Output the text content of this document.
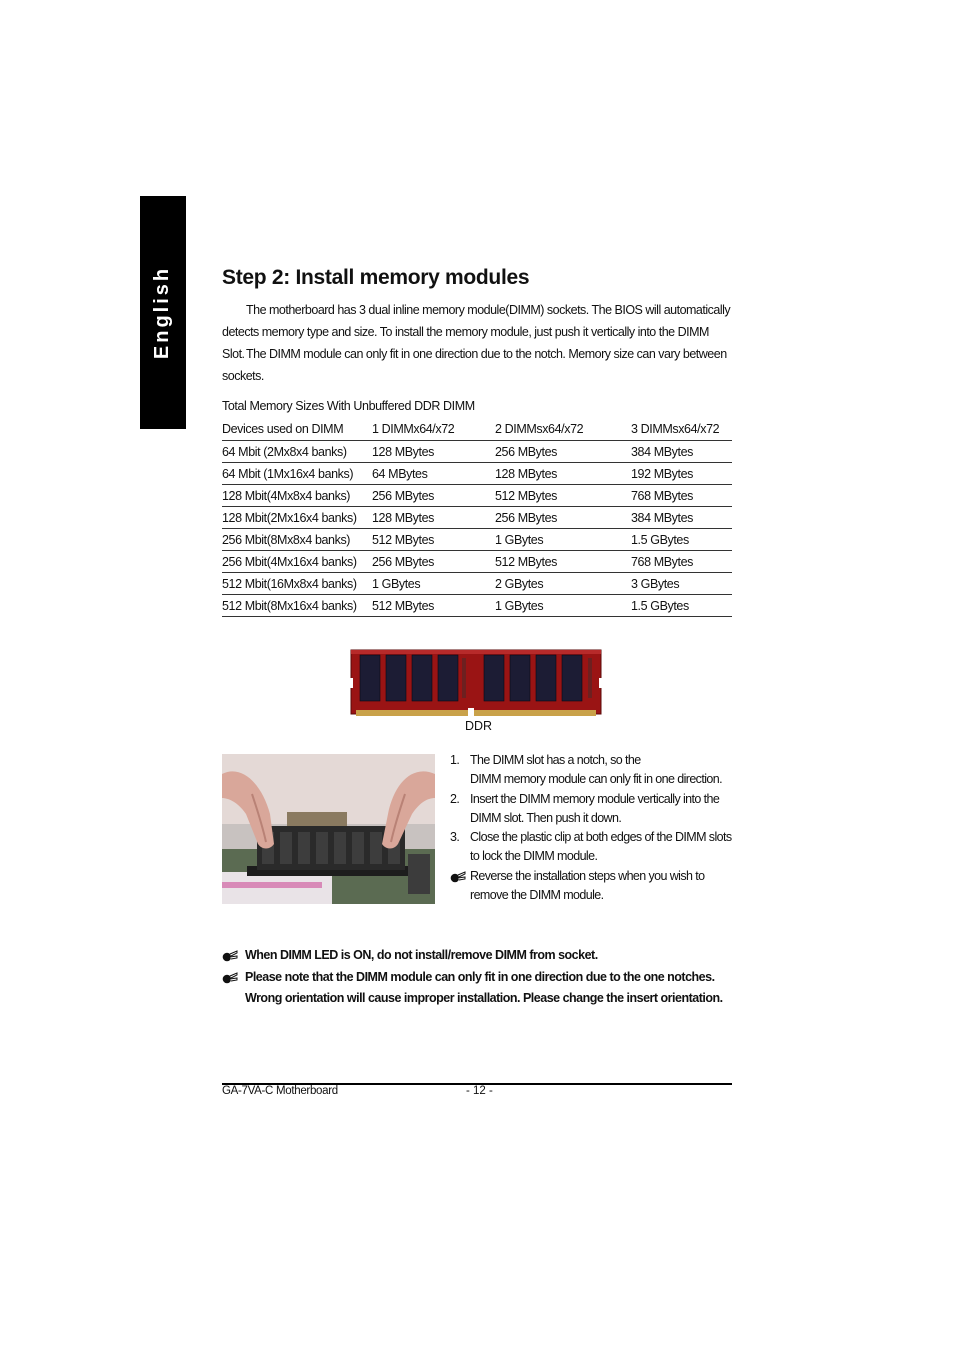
English Step 2: Install memory modules

The motherboard has 3 dual inline memory module(DIMM) sockets. The BIOS will automatically detects memory type and size. To install the memory module, just push it vertically into the DIMM Slot. The DIMM module can only fit in one direction due to the notch. Memory size can vary between sockets.

Total Memory Sizes With Unbuffered DDR DIMM
Devices used on DIMM	1 DIMMx64/x72	2 DIMMsx64/x72	3 DIMMsx64/x72
64 Mbit (2Mx8x4 banks)	128 MBytes	256 MBytes	384 MBytes
64 Mbit (1Mx16x4 banks)	64 MBytes	128 MBytes	192 MBytes
128 Mbit(4Mx8x4 banks)	256 MBytes	512 MBytes	768 MBytes
128 Mbit(2Mx16x4 banks)	128 MBytes	256 MBytes	384 MBytes
256 Mbit(8Mx8x4 banks)	512 MBytes	1 GBytes	1.5 GBytes
256 Mbit(4Mx16x4 banks)	256 MBytes	512 MBytes	768 MBytes
512 Mbit(16Mx8x4 banks)	1 GBytes	2 GBytes	3 GBytes
512 Mbit(8Mx16x4 banks)	512 MBytes	1 GBytes	1.5 GBytes
DDR
1. The DIMM slot has a notch, so the
DIMM memory module can only fit in one direction.
2. Insert the DIMM memory module vertically into the
DIMM slot. Then push it down.
3. Close the plastic clip at both edges of the DIMM slots
to lock the DIMM module.
Reverse the installation steps when you wish to
remove the DIMM module.
When DIMM LED is ON, do not install/remove DIMM from socket.
Please note that the DIMM module can only fit in one direction due to the one notches.
Wrong orientation will cause improper installation. Please change the insert orientation.
GA-7VA-C Motherboard	- 12 -
